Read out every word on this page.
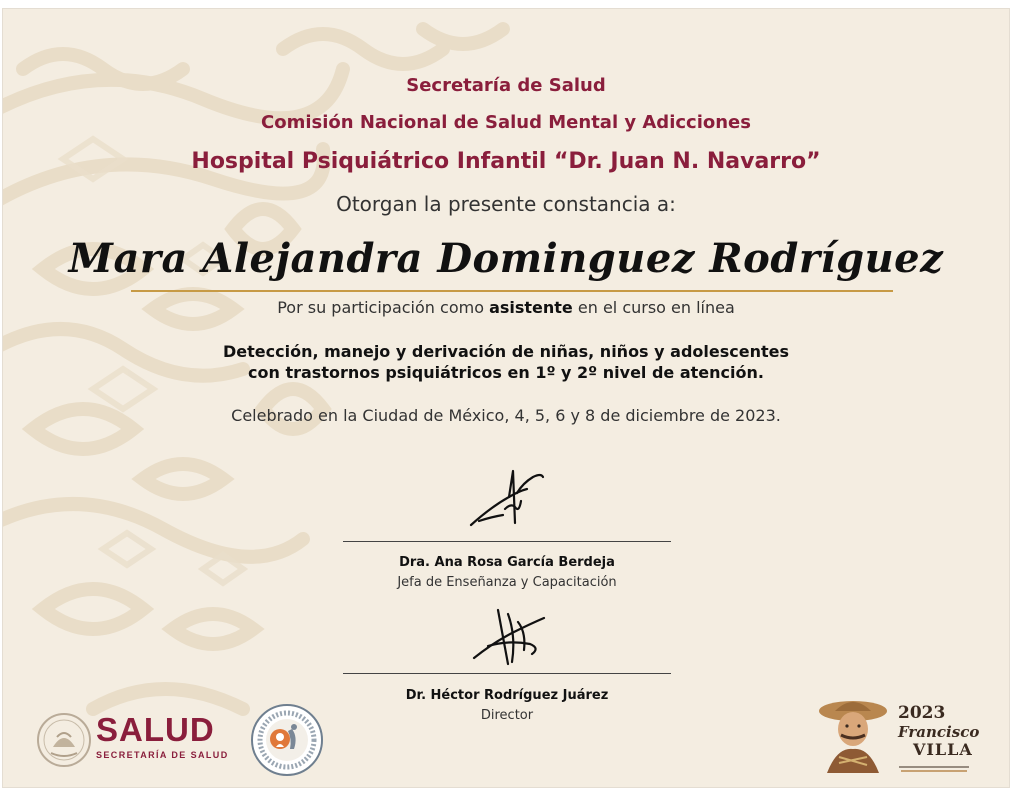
Secretaría de Salud

Comisión Nacional de Salud Mental y Adicciones

Hospital Psiquiátrico Infantil “Dr. Juan N. Navarro”

Otorgan la presente constancia a:

Mara Alejandra Dominguez Rodríguez

Por su participación como asistente en el curso en línea

Detección, manejo y derivación de niñas, niños y adolescentes

con trastornos psiquiátricos en 1º y 2º nivel de atención.

Celebrado en la Ciudad de México, 4, 5, 6 y 8 de diciembre de 2023.

Dra. Ana Rosa García Berdeja
Jefa de Enseñanza y Capacitación
Dr. Héctor Rodríguez Juárez
Director
SALUD
SECRETARÍA DE SALUD
2023
Francisco
VILLA
